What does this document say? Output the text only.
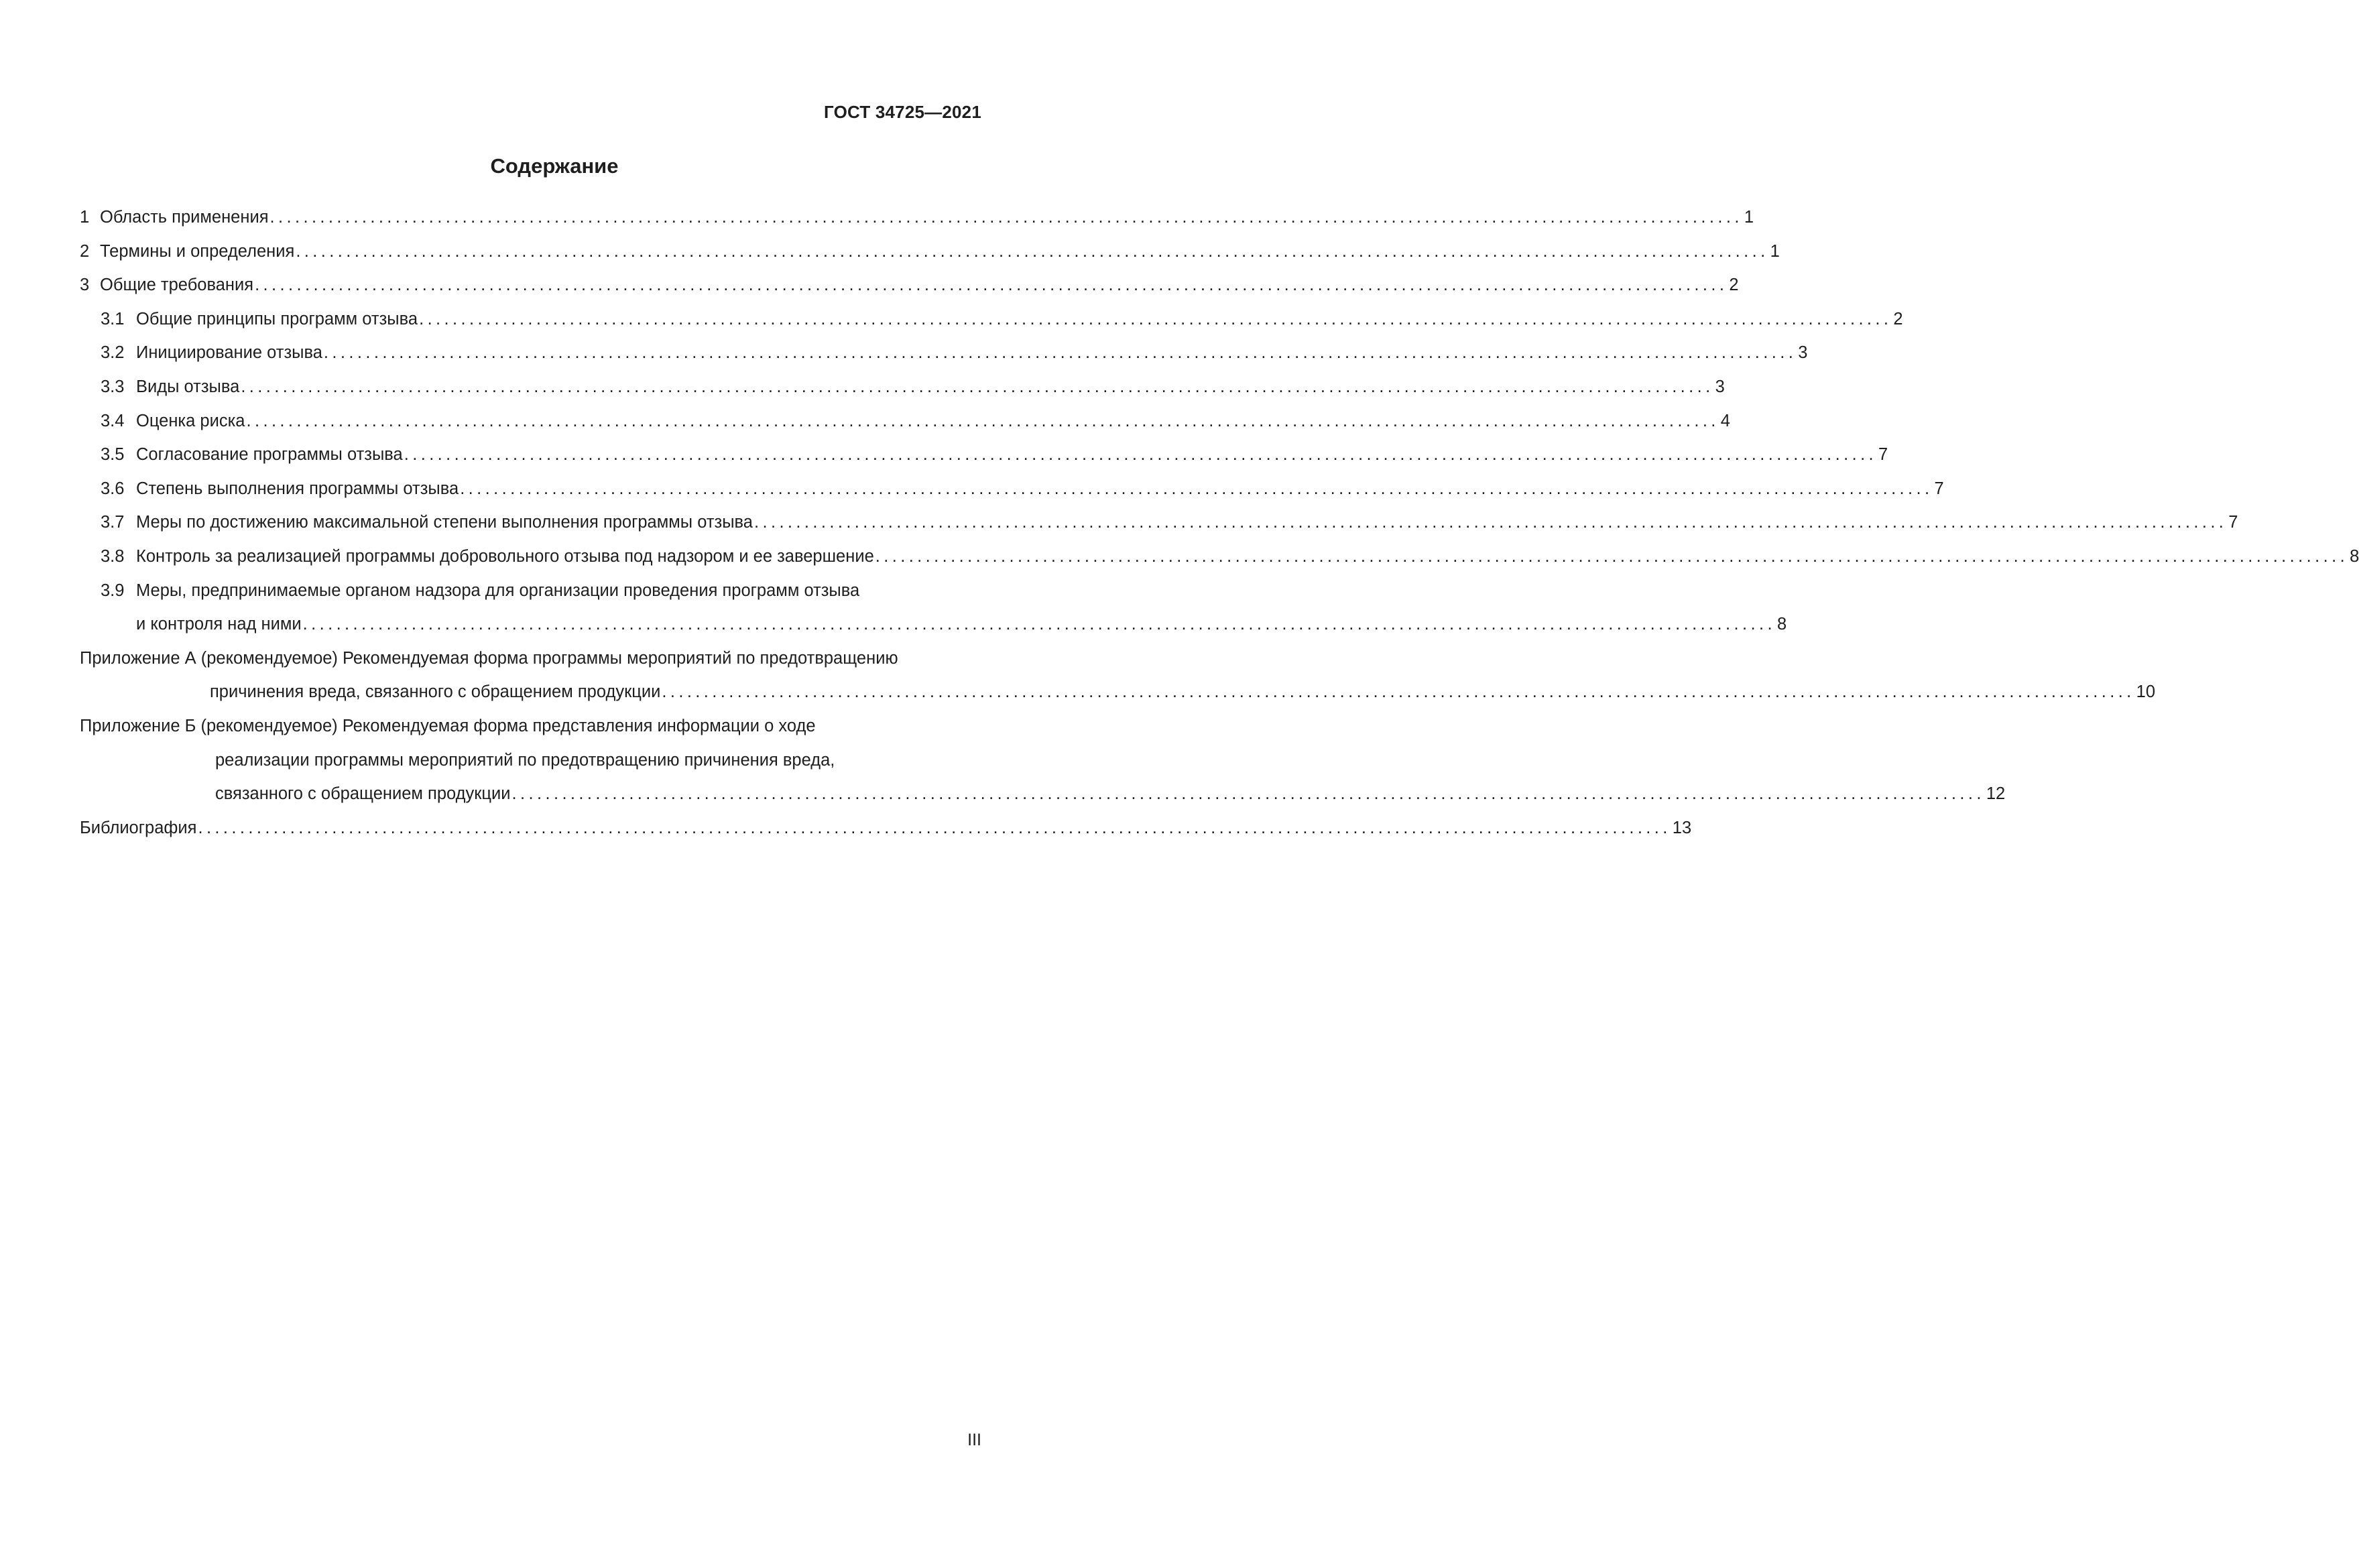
ГОСТ 34725—2021
Содержание
1 Область применения ................................................................................................................................................................................ 1
2 Термины и определения ................................................................................................................................................................................ 1
3 Общие требования ................................................................................................................................................................................ 2
3.1 Общие принципы программ отзыва ................................................................................................................................................................................ 2
3.2 Инициирование отзыва ................................................................................................................................................................................ 3
3.3 Виды отзыва ................................................................................................................................................................................ 3
3.4 Оценка риска ................................................................................................................................................................................ 4
3.5 Согласование программы отзыва ................................................................................................................................................................................ 7
3.6 Степень выполнения программы отзыва ................................................................................................................................................................................ 7
3.7 Меры по достижению максимальной степени выполнения программы отзыва ................................................................................................................................................................................ 7
3.8 Контроль за реализацией программы добровольного отзыва под надзором и ее завершение ................................................................................................................................................................................ 8
3.9 Меры, предпринимаемые органом надзора для организации проведения программ отзыва
и контроля над ними ................................................................................................................................................................................ 8
Приложение А (рекомендуемое) Рекомендуемая форма программы мероприятий по предотвращению
причинения вреда, связанного с обращением продукции ................................................................................................................................................................................ 10
Приложение Б (рекомендуемое) Рекомендуемая форма представления информации о ходе
реализации программы мероприятий по предотвращению причинения вреда,
связанного с обращением продукции ................................................................................................................................................................................ 12
Библиография ................................................................................................................................................................................ 13
III
